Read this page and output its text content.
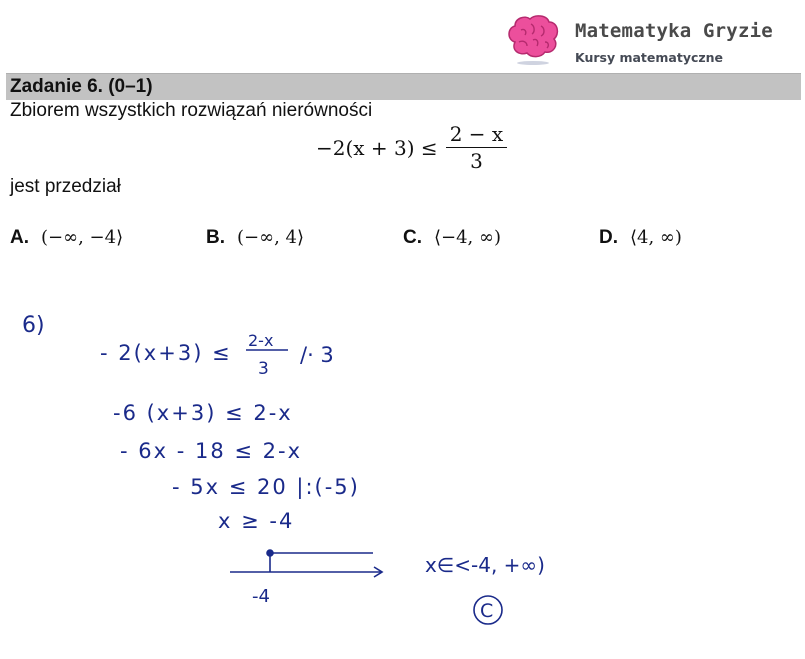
Matematyka Gryzie
Kursy matematyczne
Zadanie 6. (0–1)
Zbiorem wszystkich rozwiązań nierówności
$-2(x + 3) \le \frac{2 - x}{3}$
jest przedział
A. (−∞, −4⟩	B. (−∞, 4⟩	C. ⟨−4, ∞)	D. ⟨4, ∞)
6)
- 2(x+3) ≤
2-x
3
/· 3
-6 (x+3) ≤ 2-x
- 6x - 18 ≤ 2-x
- 5x ≤ 20 |:(-5)
x ≥ -4
-4
x∈<-4, +∞)
C
